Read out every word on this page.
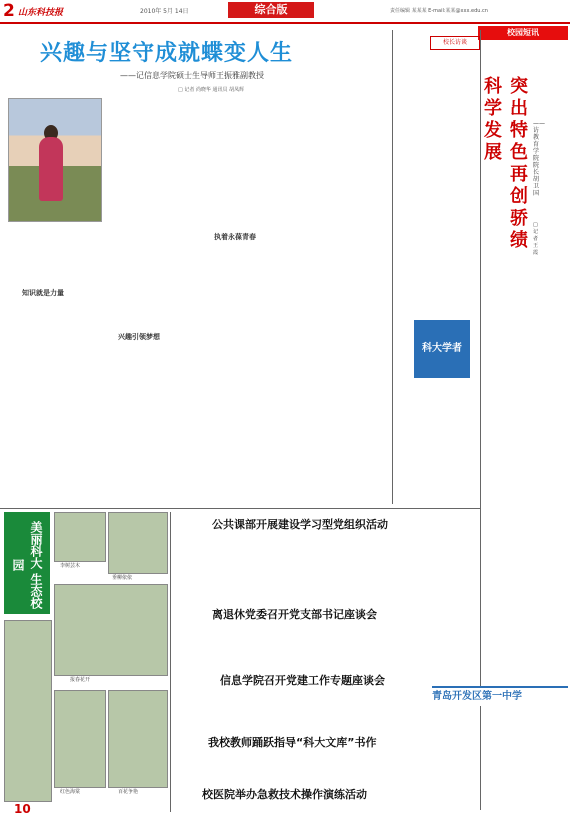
2 山东科技报	2010年 5月 14日	综合版	责任编辑 某某某 E-mail:某某@xxx.edu.cn
校园短讯
兴趣与坚守成就蝶变人生
——记信息学院硕士生导师王振雅副教授
□ 记者 尚晓华 通讯员 胡凤辉
知识就是力量
兴趣引领梦想
执着永葆青春
校长访谈
科学发展
突出特色 再创骄绩
——访教育学院院长胡卫国
□ 记者 王霞
科大学者
美丽科大 生态校园	李树芸木
垂柳依依
报春花开
红色海棠	百花争艳
10
公共课部开展建设学习型党组织活动
离退休党委召开党支部书记座谈会
信息学院召开党建工作专题座谈会
我校教师踊跃指导“科大文库”书作
校医院举办急救技术操作演练活动
青岛开发区第一中学
